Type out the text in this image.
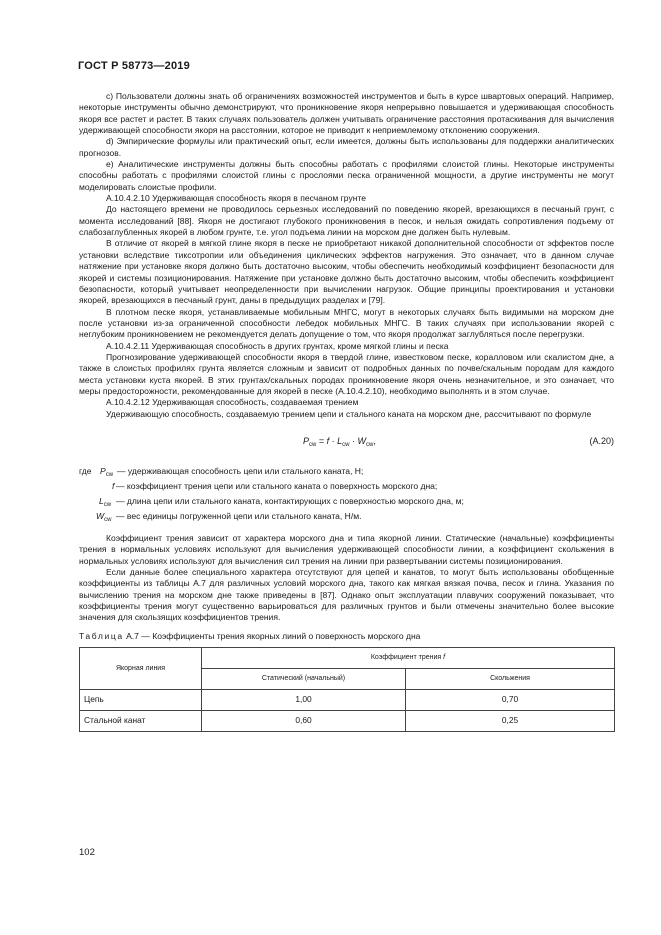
ГОСТ Р 58773—2019

c) Пользователи должны знать об ограничениях возможностей инструментов и быть в курсе швартовых операций. Например, некоторые инструменты обычно демонстрируют, что проникновение якоря непрерывно повышается и удерживающая способность якоря все растет и растет. В таких случаях пользователь должен учитывать ограничение расстояния протаскивания для вычисления удерживающей способности якоря на расстоянии, которое не приводит к неприемлемому отклонению сооружения.

d) Эмпирические формулы или практический опыт, если имеется, должны быть использованы для поддержки аналитических прогнозов.

e) Аналитические инструменты должны быть способны работать с профилями слоистой глины. Некоторые инструменты способны работать с профилями слоистой глины с прослоями песка ограниченной мощности, а другие инструменты не могут моделировать слоистые профили.

А.10.4.2.10 Удерживающая способность якоря в песчаном грунте

До настоящего времени не проводилось серьезных исследований по поведению якорей, врезающихся в песчаный грунт, с момента исследований [88]. Якоря не достигают глубокого проникновения в песок, и нельзя ожидать сопротивления подъему от слабозаглубленных якорей в любом грунте, т.е. угол подъема линии на морском дне должен быть нулевым.

В отличие от якорей в мягкой глине якоря в песке не приобретают никакой дополнительной способности от эффектов после установки вследствие тиксотропии или объединения циклических эффектов нагружения. Это означает, что в данном случае натяжение при установке якоря должно быть достаточно высоким, чтобы обеспечить необходимый коэффициент безопасности для якорей и системы позиционирования. Натяжение при установке должно быть достаточно высоким, чтобы обеспечить коэффициент безопасности, который учитывает неопределенности при вычислении нагрузок. Общие принципы проектирования и установки якорей, врезающихся в песчаный грунт, даны в предыдущих разделах и [79].

В плотном песке якоря, устанавливаемые мобильным МНГС, могут в некоторых случаях быть видимыми на морском дне после установки из-за ограниченной способности лебедок мобильных МНГС. В таких случаях при использовании якорей с неглубоким проникновением не рекомендуется делать допущение о том, что якоря продолжат заглубляться после перегрузки.

А.10.4.2.11 Удерживающая способность в других грунтах, кроме мягкой глины и песка

Прогнозирование удерживающей способности якоря в твердой глине, известковом песке, коралловом или скалистом дне, а также в слоистых профилях грунта является сложным и зависит от подробных данных по почве/скальным породам для каждого места установки куста якорей. В этих грунтах/скальных породах проникновение якоря очень незначительное, и это означает, что меры предосторожности, рекомендованные для якорей в песке (А.10.4.2.10), необходимо выполнять и в этом случае.

А.10.4.2.12 Удерживающая способность, создаваемая трением

Удерживающую способность, создаваемую трением цепи и стального каната на морском дне, рассчитывают по формуле

$P_{cw} = f \cdot L_{cw} \cdot W_{cw}$,	(А.20)
где $P_{cw}$ — удерживающая способность цепи или стального каната, Н;
f — коэффициент трения цепи или стального каната о поверхность морского дна;
$L_{cw}$ — длина цепи или стального каната, контактирующих с поверхностью морского дна, м;
$W_{cw}$ — вес единицы погруженной цепи или стального каната, Н/м.

Коэффициент трения зависит от характера морского дна и типа якорной линии. Статические (начальные) коэффициенты трения в нормальных условиях используют для вычисления удерживающей способности линии, а коэффициент скольжения в нормальных условиях используют для вычисления сил трения на линии при развертывании системы позиционирования.

Если данные более специального характера отсутствуют для цепей и канатов, то могут быть использованы обобщенные коэффициенты из таблицы А.7 для различных условий морского дна, такого как мягкая вязкая почва, песок и глина. Указания по вычислению трения на морском дне также приведены в [87]. Однако опыт эксплуатации плавучих сооружений показывает, что коэффициенты трения могут существенно варьироваться для различных грунтов и были отмечены значительно более высокие значения для скользящих коэффициентов трения.

Таблица А.7 — Коэффициенты трения якорных линий о поверхность морского дна
Якорная линия	Коэффициент трения f	
	Статический (начальный)	Скольжения
Цепь	1,00	0,70
Стальной канат	0,60	0,25
102
